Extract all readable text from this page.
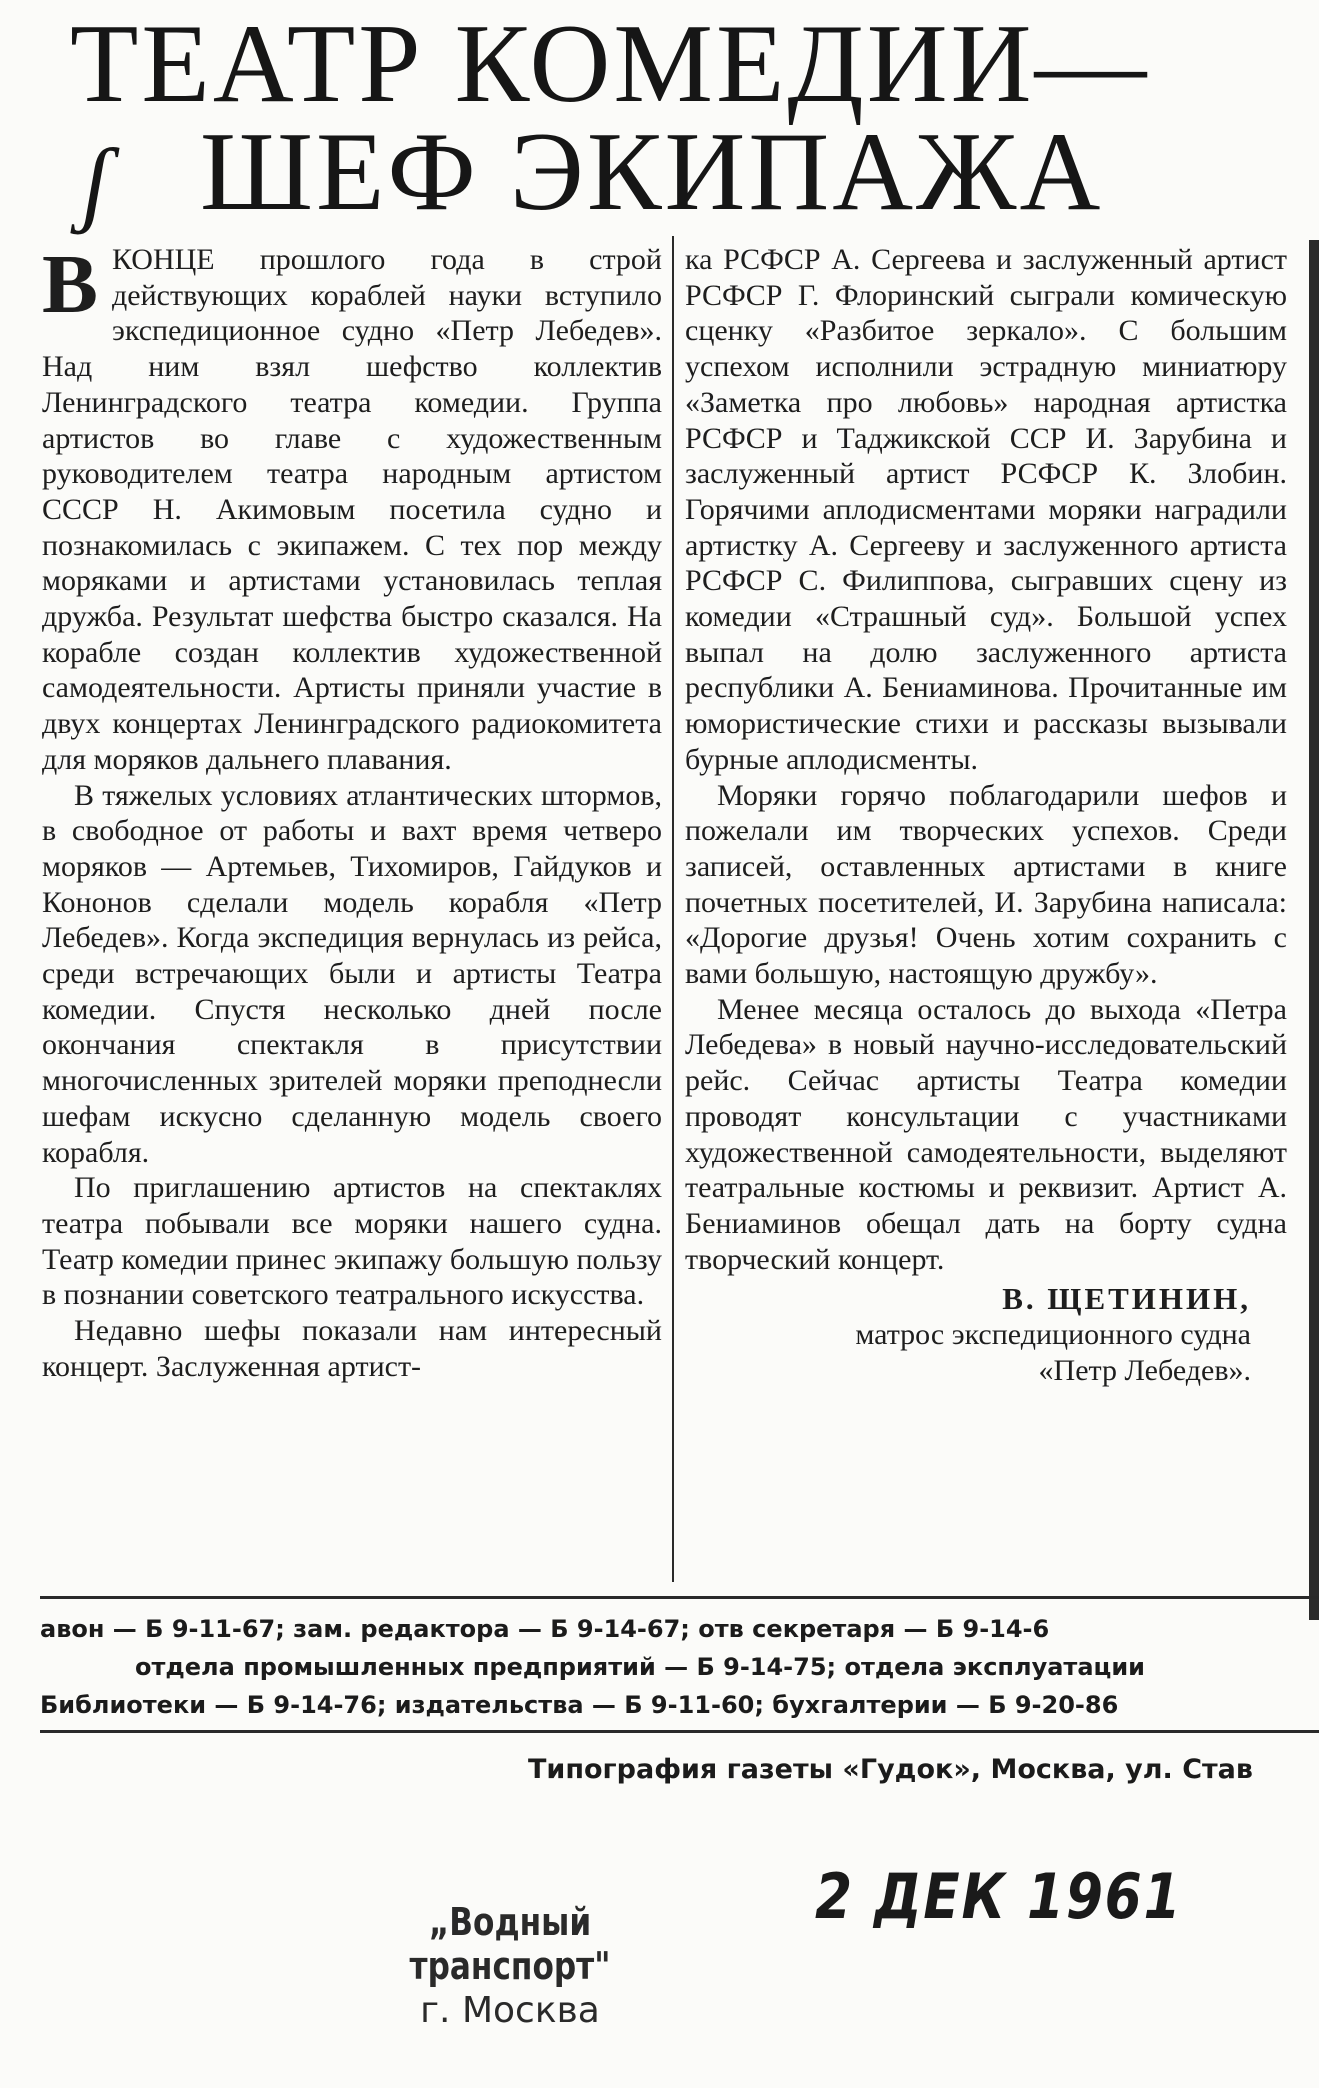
ʃ
ТЕАТР КОМЕДИИ—
ШЕФ ЭКИПАЖА

ВКОНЦЕ прошлого года в строй действующих кораблей науки вступило экспедиционное судно «Петр Лебедев». Над ним взял шефство коллектив Ленинградского театра комедии. Группа артистов во главе с художественным руководителем театра народным артистом СССР Н. Акимовым посетила судно и познакомилась с экипажем. С тех пор между моряками и артистами установилась теплая дружба. Результат шефства быстро сказался. На корабле создан коллектив художественной самодеятельности. Артисты приняли участие в двух концертах Ленинградского радиокомитета для моряков дальнего плавания.

В тяжелых условиях атлантических штормов, в свободное от работы и вахт время четверо моряков — Артемьев, Тихомиров, Гайдуков и Кононов сделали модель корабля «Петр Лебедев». Когда экспедиция вернулась из рейса, среди встречающих были и артисты Театра комедии. Спустя несколько дней после окончания спектакля в присутствии многочисленных зрителей моряки преподнесли шефам искусно сделанную модель своего корабля.

По приглашению артистов на спектаклях театра побывали все моряки нашего судна. Театр комедии принес экипажу большую пользу в познании советского театрального искусства.

Недавно шефы показали нам интересный концерт. Заслуженная артист-

ка РСФСР А. Сергеева и заслуженный артист РСФСР Г. Флоринский сыграли комическую сценку «Разбитое зеркало». С большим успехом исполнили эстрадную миниатюру «Заметка про любовь» народная артистка РСФСР и Таджикской ССР И. Зарубина и заслуженный артист РСФСР К. Злобин. Горячими аплодисментами моряки наградили артистку А. Сергееву и заслуженного артиста РСФСР С. Филиппова, сыгравших сцену из комедии «Страшный суд». Большой успех выпал на долю заслуженного артиста республики А. Бениаминова. Прочитанные им юмористические стихи и рассказы вызывали бурные аплодисменты.

Моряки горячо поблагодарили шефов и пожелали им творческих успехов. Среди записей, оставленных артистами в книге почетных посетителей, И. Зарубина написала: «Дорогие друзья! Очень хотим сохранить с вами большую, настоящую дружбу».

Менее месяца осталось до выхода «Петра Лебедева» в новый научно-исследовательский рейс. Сейчас артисты Театра комедии проводят консультации с участниками художественной самодеятельности, выделяют театральные костюмы и реквизит. Артист А. Бениаминов обещал дать на борту судна творческий концерт.

В. ЩЕТИНИН,
матрос экспедиционного судна
«Петр Лебедев».
авон — Б 9-11-67; зам. редактора — Б 9-14-67; отв секретаря — Б 9-14-6
отдела промышленных предприятий — Б 9-14-75; отдела эксплуатации
Библиотеки — Б 9-14-76; издательства — Б 9-11-60; бухгалтерии — Б 9-20-86
Типография газеты «Гудок», Москва, ул. Став
„Водный транспорт"
г. Москва
2 ДЕК 1961
